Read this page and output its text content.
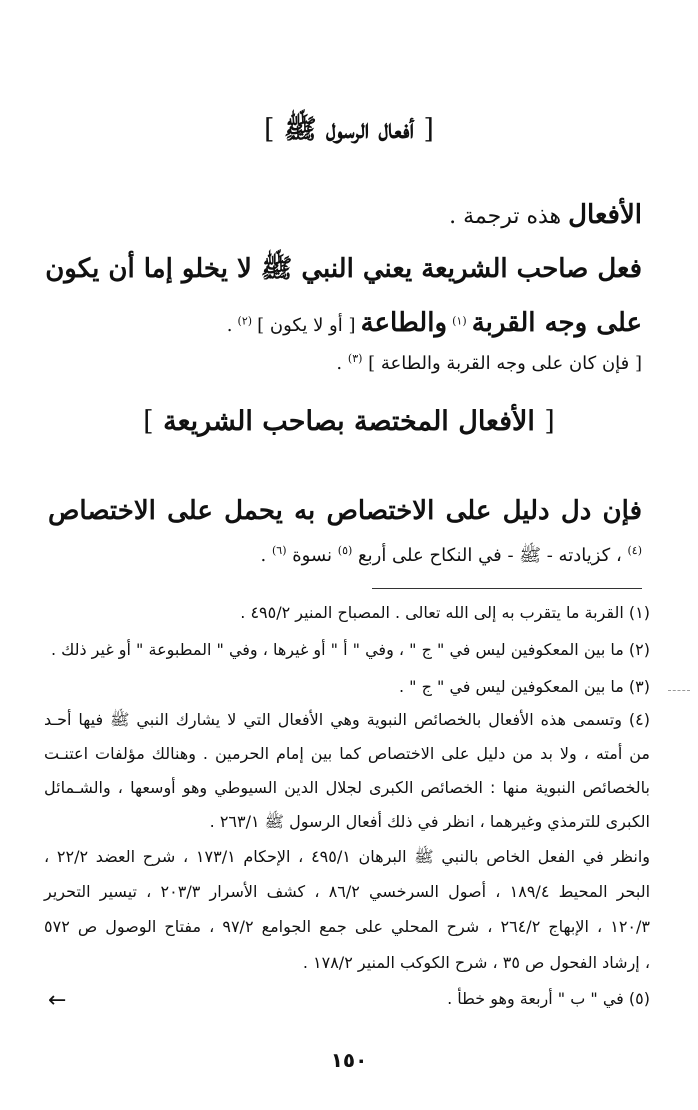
[ أفعال الرسول ﷺ ]
الأفعال هذه ترجمة .
فعل صاحب الشريعة يعني النبي ﷺ لا يخلو إما أن يكون
على وجه القربة $^{(١)}$ والطاعة [ أو لا يكون ] $^{(٢)}$ .
[ فإن كان على وجه القربة والطاعة ] $^{(٣)}$ .
[ الأفعال المختصة بصاحب الشريعة ]
فإن دل دليل على الاختصاص به يحمل على الاختصاص
$^{(٤)}$ ، كزيادته - ﷺ - في النكاح على أربع $^{(٥)}$ نسوة $^{(٦)}$ .
(١) القربة ما يتقرب به إلى الله تعالى . المصباح المنير ٤٩٥/٢ .
(٢) ما بين المعكوفين ليس في " ج " ، وفي " أ " أو غيرها ، وفي " المطبوعة " أو غير ذلك .
(٣) ما بين المعكوفين ليس في " ج " .
(٤) وتسمى هذه الأفعال بالخصائص النبوية وهي الأفعال التي لا يشارك النبي ﷺ فيها أحـد
من أمته ، ولا بد من دليل على الاختصاص كما بين إمام الحرمين . وهنالك مؤلفات اعتنـت
بالخصائص النبوية منها : الخصائص الكبرى لجلال الدين السيوطي وهو أوسعها ، والشـمائل
الكبرى للترمذي وغيرهما ، انظر في ذلك أفعال الرسول ﷺ ٢٦٣/١ .
وانظر في الفعل الخاص بالنبي ﷺ البرهان ٤٩٥/١ ، الإحكام ١٧٣/١ ، شرح العضد ٢٢/٢ ،
البحر المحيط ١٨٩/٤ ، أصول السرخسي ٨٦/٢ ، كشف الأسرار ٢٠٣/٣ ، تيسير التحرير
١٢٠/٣ ، الإبهاج ٢٦٤/٢ ، شرح المحلي على جمع الجوامع ٩٧/٢ ، مفتاح الوصول ص ٥٧٢
، إرشاد الفحول ص ٣٥ ، شرح الكوكب المنير ١٧٨/٢ .
(٥) في " ب " أربعة وهو خطأ .
←
١٥٠
